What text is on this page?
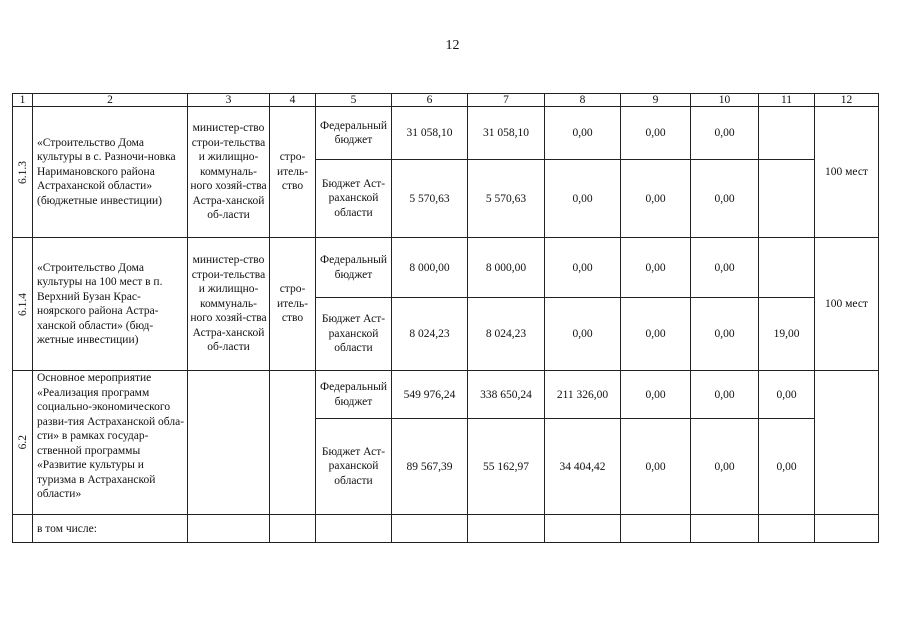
12
1	2	3	4	5	6	7	8	9	10	11	12

6.1.3	«Строительство Дома культуры в с. Разночи-новка Наримановского района Астраханской области» (бюджетные инвестиции)	министер-ство строи-тельства и жилищно-коммуналь-ного хозяй-ства Астра-ханской об-ласти	стро-итель-ство	Федеральный бюджет	31 058,10	31 058,10	0,00	0,00	0,00		100 мест
				Бюджет Аст-раханской области	5 570,63	5 570,63	0,00	0,00	0,00		

6.1.4	«Строительство Дома культуры на 100 мест в п. Верхний Бузан Крас-ноярского района Астра-ханской области» (бюд-жетные инвестиции)	министер-ство строи-тельства и жилищно-коммуналь-ного хозяй-ства Астра-ханской об-ласти	стро-итель-ство	Федеральный бюджет	8 000,00	8 000,00	0,00	0,00	0,00		100 мест
				Бюджет Аст-раханской области	8 024,23	8 024,23	0,00	0,00	0,00	19,00	

6.2	Основное мероприятие «Реализация программ социально-экономического разви-тия Астраханской обла-сти» в рамках государ-ственной программы «Развитие культуры и туризма в Астраханской области»			Федеральный бюджет	549 976,24	338 650,24	211 326,00	0,00	0,00	0,00	
				Бюджет Аст-раханской области	89 567,39	55 162,97	34 404,42	0,00	0,00	0,00	
	в том числе:										
